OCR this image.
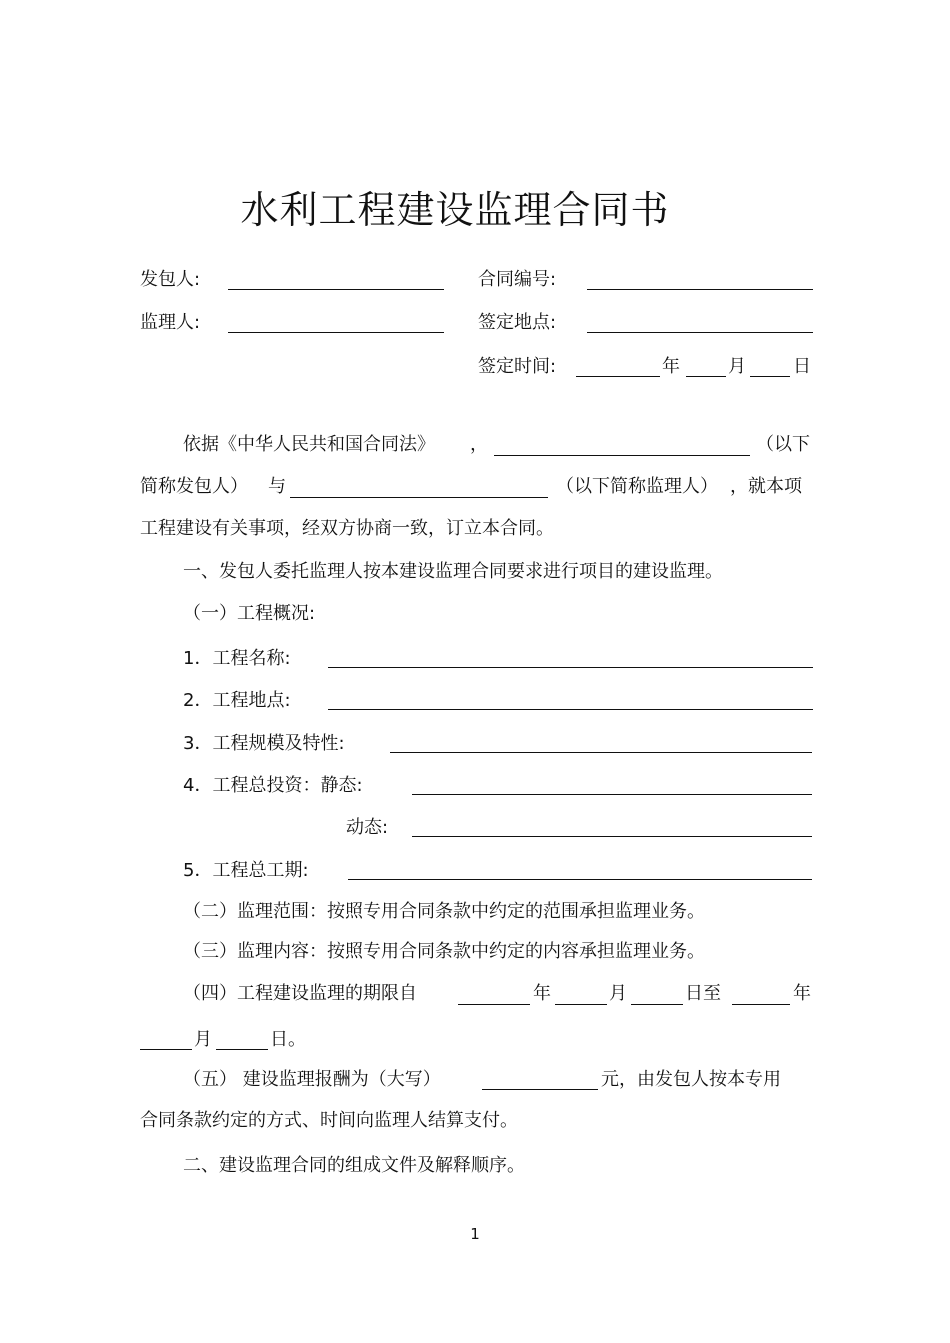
水利工程建设监理合同书
发包人:	合同编号:
监理人:	签定地点:
签定时间:	年	月	日
依据《中华人民共和国合同法》 ，	（以下
简称发包人） 与	（以下简称监理人） ，就本项
工程建设有关事项，经双方协商一致，订立本合同。
一、发包人委托监理人按本建设监理合同要求进行项目的建设监理。
（一）工程概况:
1．工程名称:
2．工程地点:
3．工程规模及特性:
4．工程总投资：静态:
动态:
5．工程总工期:
（二）监理范围：按照专用合同条款中约定的范围承担监理业务。
（三）监理内容：按照专用合同条款中约定的内容承担监理业务。
（四）工程建设监理的期限自	年	月	日至	年
月	日。
（五） 建设监理报酬为（大写）	元，由发包人按本专用
合同条款约定的方式、时间向监理人结算支付。
二、建设监理合同的组成文件及解释顺序。
1
